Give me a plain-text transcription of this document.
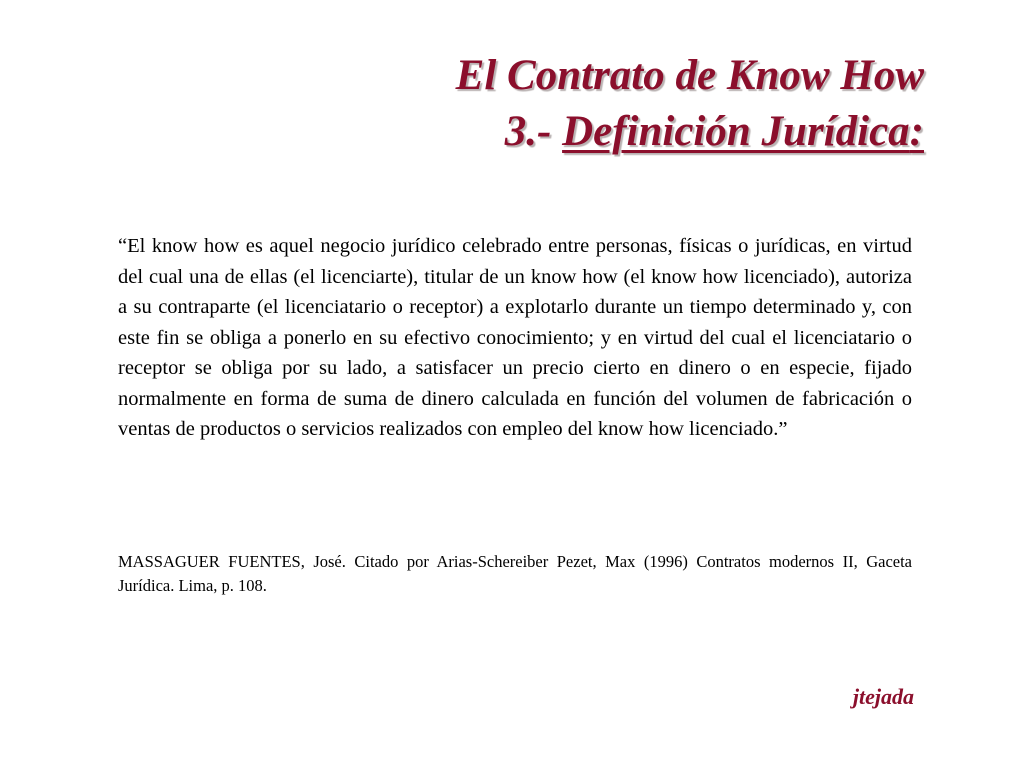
El Contrato de Know How
3.- Definición Jurídica:

“El know how es aquel negocio jurídico celebrado entre personas, físicas o jurídicas, en virtud del cual una de ellas (el licenciarte), titular de un know how (el know how licenciado), autoriza a su contraparte (el licenciatario o receptor) a explotarlo durante un tiempo determinado y, con este fin se obliga a ponerlo en su efectivo conocimiento; y en virtud del cual el licenciatario o receptor se obliga por su lado, a satisfacer un precio cierto en dinero o en especie, fijado normalmente en forma de suma de dinero calculada en función del volumen de fabricación o ventas de productos o servicios realizados con empleo del know how licenciado.”

MASSAGUER FUENTES, José. Citado por Arias-Schereiber Pezet, Max (1996) Contratos modernos II, Gaceta Jurídica. Lima, p. 108.

jtejada
